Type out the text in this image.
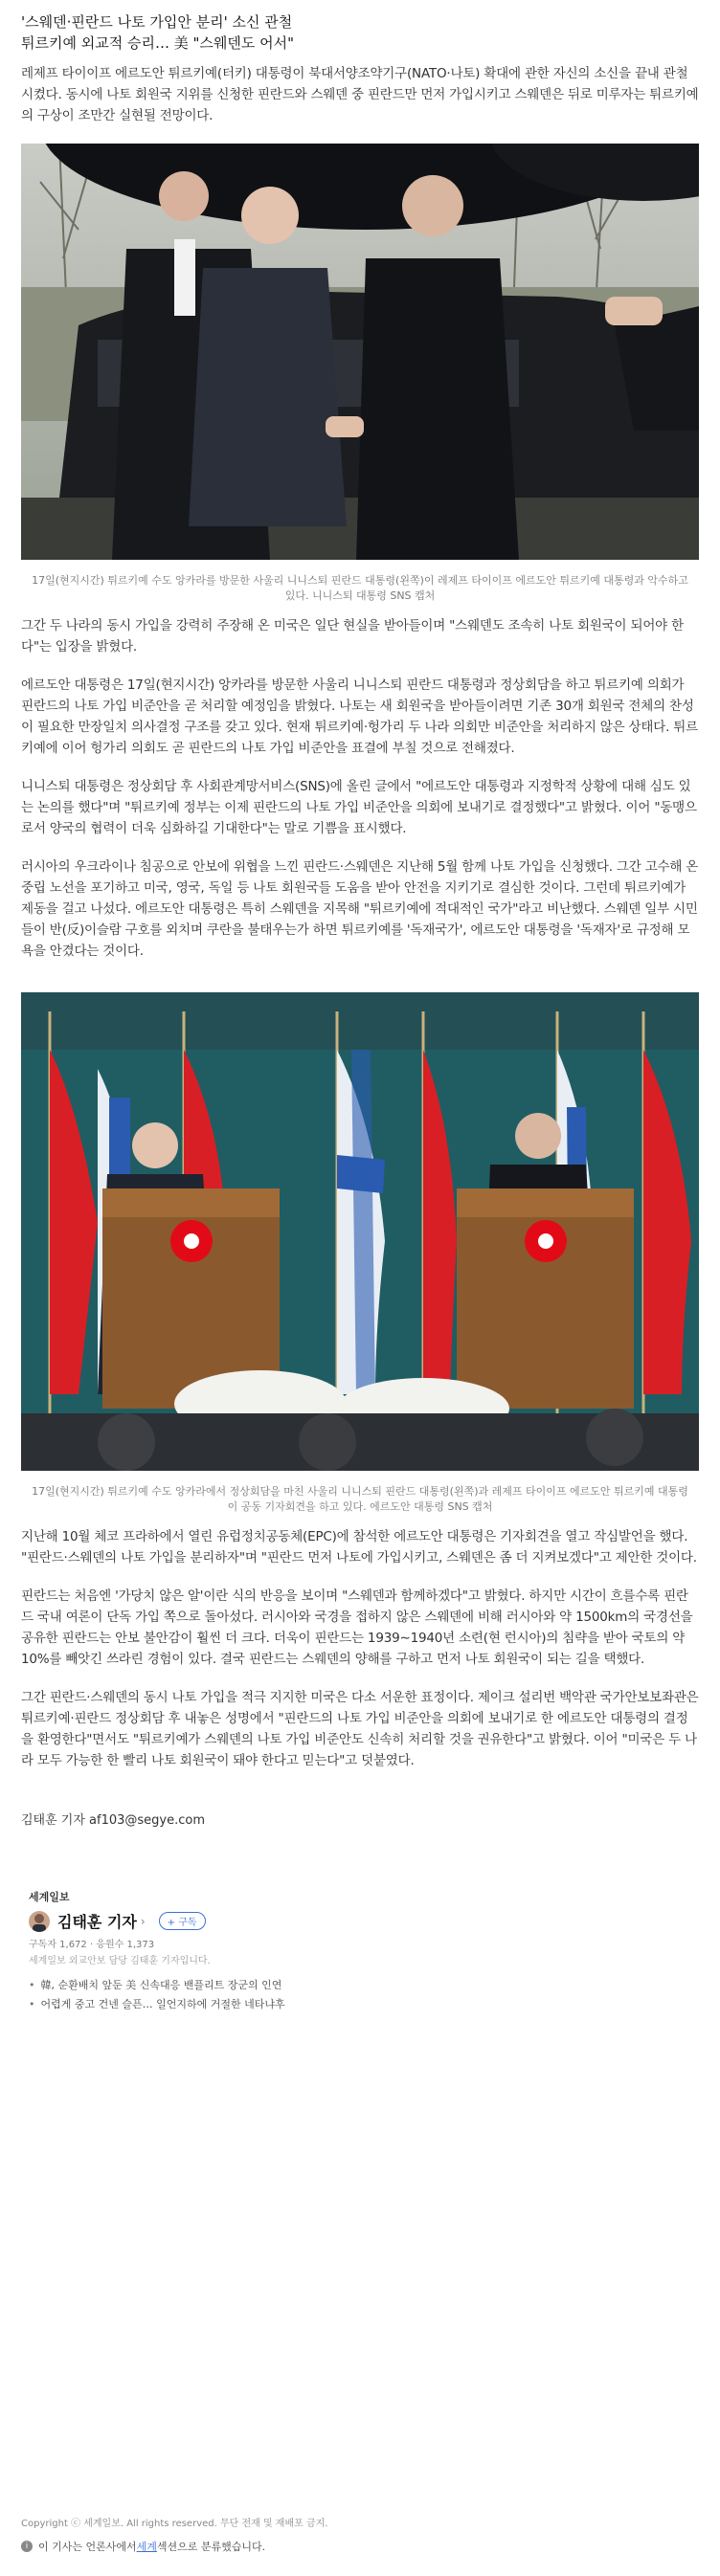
'스웨덴·핀란드 나토 가입안 분리' 소신 관철
튀르키예 외교적 승리… 美 "스웨덴도 어서"

레제프 타이이프 에르도안 튀르키예(터키) 대통령이 북대서양조약기구(NATO·나토) 확대에 관한 자신의 소신을 끝내 관철시켰다. 동시에 나토 회원국 지위를 신청한 핀란드와 스웨덴 중 핀란드만 먼저 가입시키고 스웨덴은 뒤로 미루자는 튀르키예의 구상이 조만간 실현될 전망이다.

17일(현지시간) 튀르키예 수도 앙카라를 방문한 사울리 니니스퇴 핀란드 대통령(왼쪽)이 레제프 타이이프 에르도안 튀르키예 대통령과 악수하고 있다. 니니스퇴 대통령 SNS 캡처

그간 두 나라의 동시 가입을 강력히 주장해 온 미국은 일단 현실을 받아들이며 "스웨덴도 조속히 나토 회원국이 되어야 한다"는 입장을 밝혔다.

에르도안 대통령은 17일(현지시간) 앙카라를 방문한 사울리 니니스퇴 핀란드 대통령과 정상회담을 하고 튀르키예 의회가 핀란드의 나토 가입 비준안을 곧 처리할 예정임을 밝혔다. 나토는 새 회원국을 받아들이려면 기존 30개 회원국 전체의 찬성이 필요한 만장일치 의사결정 구조를 갖고 있다. 현재 튀르키예·헝가리 두 나라 의회만 비준안을 처리하지 않은 상태다. 튀르키예에 이어 헝가리 의회도 곧 핀란드의 나토 가입 비준안을 표결에 부칠 것으로 전해졌다.

니니스퇴 대통령은 정상회담 후 사회관계망서비스(SNS)에 올린 글에서 "에르도안 대통령과 지정학적 상황에 대해 심도 있는 논의를 했다"며 "튀르키예 정부는 이제 핀란드의 나토 가입 비준안을 의회에 보내기로 결정했다"고 밝혔다. 이어 "동맹으로서 양국의 협력이 더욱 심화하길 기대한다"는 말로 기쁨을 표시했다.

러시아의 우크라이나 침공으로 안보에 위협을 느낀 핀란드·스웨덴은 지난해 5월 함께 나토 가입을 신청했다. 그간 고수해 온 중립 노선을 포기하고 미국, 영국, 독일 등 나토 회원국들 도움을 받아 안전을 지키기로 결심한 것이다. 그런데 튀르키예가 제동을 걸고 나섰다. 에르도안 대통령은 특히 스웨덴을 지목해 "튀르키예에 적대적인 국가"라고 비난했다. 스웨덴 일부 시민들이 반(反)이슬람 구호를 외치며 쿠란을 불태우는가 하면 튀르키예를 '독재국가', 에르도안 대통령을 '독재자'로 규정해 모욕을 안겼다는 것이다.

17일(현지시간) 튀르키예 수도 앙카라에서 정상회담을 마친 사울리 니니스퇴 핀란드 대통령(왼쪽)과 레제프 타이이프 에르도안 튀르키예 대통령이 공동 기자회견을 하고 있다. 에르도안 대통령 SNS 캡처

지난해 10월 체코 프라하에서 열린 유럽정치공동체(EPC)에 참석한 에르도안 대통령은 기자회견을 열고 작심발언을 했다. "핀란드·스웨덴의 나토 가입을 분리하자"며 "핀란드 먼저 나토에 가입시키고, 스웨덴은 좀 더 지켜보겠다"고 제안한 것이다.

핀란드는 처음엔 '가당치 않은 알'이란 식의 반응을 보이며 "스웨덴과 함께하겠다"고 밝혔다. 하지만 시간이 흐를수록 핀란드 국내 여론이 단독 가입 쪽으로 돌아섰다. 러시아와 국경을 접하지 않은 스웨덴에 비해 러시아와 약 1500km의 국경선을 공유한 핀란드는 안보 불안감이 훨씬 더 크다. 더욱이 핀란드는 1939∼1940년 소련(현 런시아)의 침략을 받아 국토의 약 10%를 빼앗긴 쓰라린 경험이 있다. 결국 핀란드는 스웨덴의 양해를 구하고 먼저 나토 회원국이 되는 길을 택했다.

그간 핀란드·스웨덴의 동시 나토 가입을 적극 지지한 미국은 다소 서운한 표정이다. 제이크 설리번 백악관 국가안보보좌관은 튀르키예·핀란드 정상회담 후 내놓은 성명에서 "핀란드의 나토 가입 비준안을 의회에 보내기로 한 에르도안 대통령의 결정을 환영한다"면서도 "튀르키예가 스웨덴의 나토 가입 비준안도 신속히 처리할 것을 권유한다"고 밝혔다. 이어 "미국은 두 나라 모두 가능한 한 빨리 나토 회원국이 돼야 한다고 믿는다"고 덧붙였다.

김태훈 기자 af103@segye.com
세계일보
김태훈 기자 ›	+ 구독
구독자 1,672 · 응원수 1,373
세계일보 외교안보 담당 김태훈 기자입니다.
• 韓, 순환배치 앞둔 美 신속대응 밴플리트 장군의 인연
• 어렵게 중고 건넨 슬픈… 일언지하에 거절한 네타냐후
Copyright ⓒ 세계일보. All rights reserved. 무단 전재 및 재배포 금지.
i 이 기사는 언론사에서 세계 섹션으로 분류했습니다.
